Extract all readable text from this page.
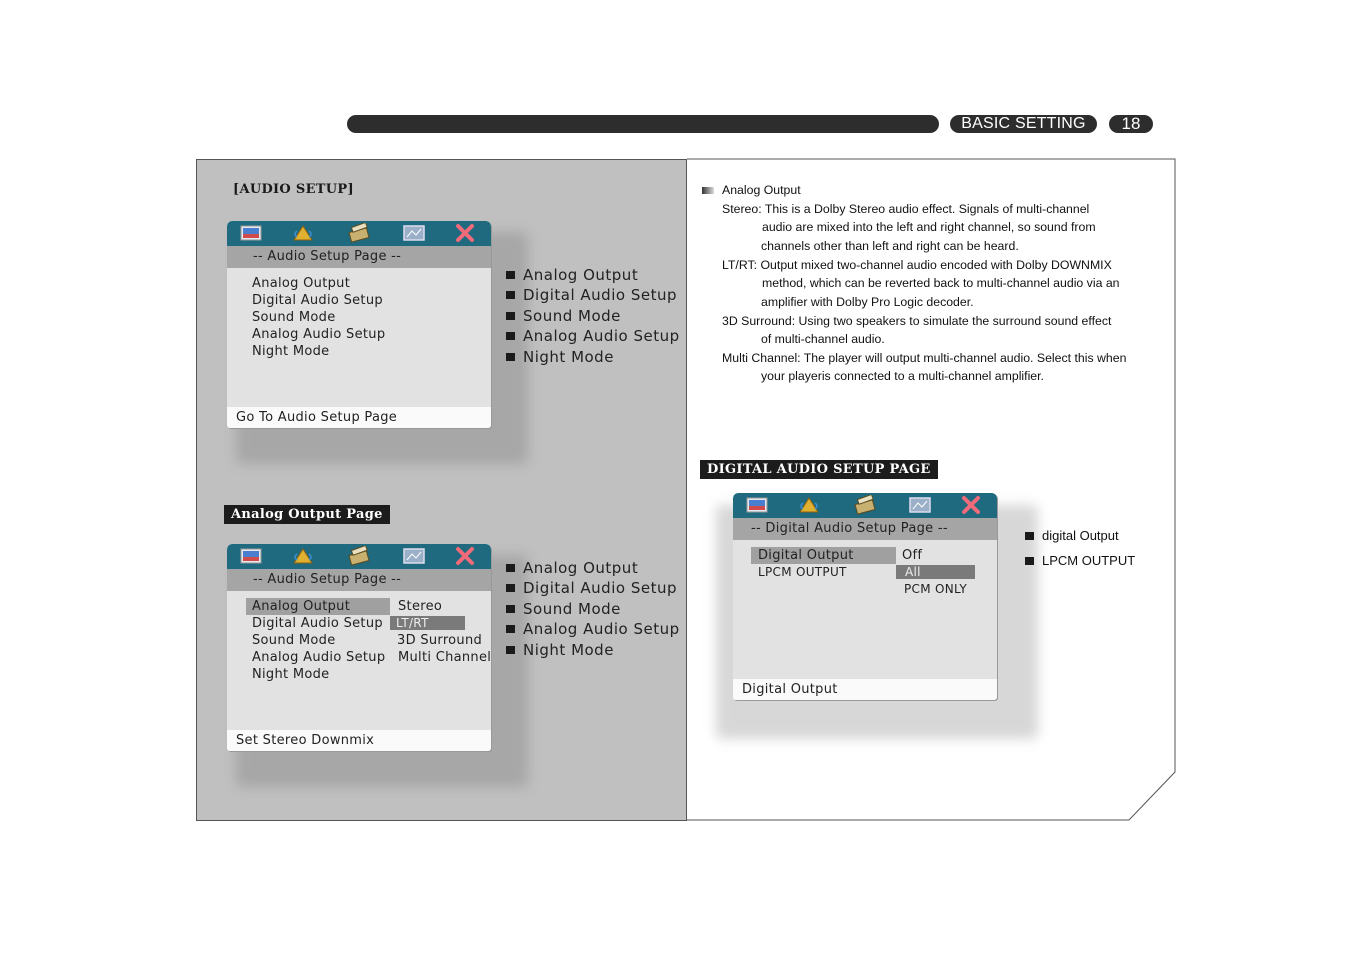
BASIC SETTING	18
[AUDIO SETUP]
-- Audio Setup Page --
Analog Output
Digital Audio Setup
Sound Mode
Analog Audio Setup
Night Mode
Go To Audio Setup Page
Analog Output
Digital Audio Setup
Sound Mode
Analog Audio Setup
Night Mode
Analog Output Page
-- Audio Setup Page --
Analog Output
Digital Audio Setup
Sound Mode
Analog Audio Setup
Night Mode
Stereo
LT/RT
3D Surround
Multi Channel
Set Stereo Downmix
Analog Output
Digital Audio Setup
Sound Mode
Analog Audio Setup
Night Mode
Analog Output
Stereo: This is a Dolby Stereo audio effect. Signals of multi-channel
audio are mixed into the left and right channel, so sound from
channels other than left and right can be heard.
LT/RT: Output mixed two-channel audio encoded with Dolby DOWNMIX
method, which can be reverted back to multi-channel audio via an
amplifier with Dolby Pro Logic decoder.
3D Surround: Using two speakers to simulate the surround sound effect
of multi-channel audio.
Multi Channel: The player will output multi-channel audio. Select this when
your playeris connected to a multi-channel amplifier.
DIGITAL AUDIO SETUP PAGE
-- Digital Audio Setup Page --
Digital Output
LPCM OUTPUT
Off
All
PCM ONLY
Digital Output
digital Output
LPCM OUTPUT
